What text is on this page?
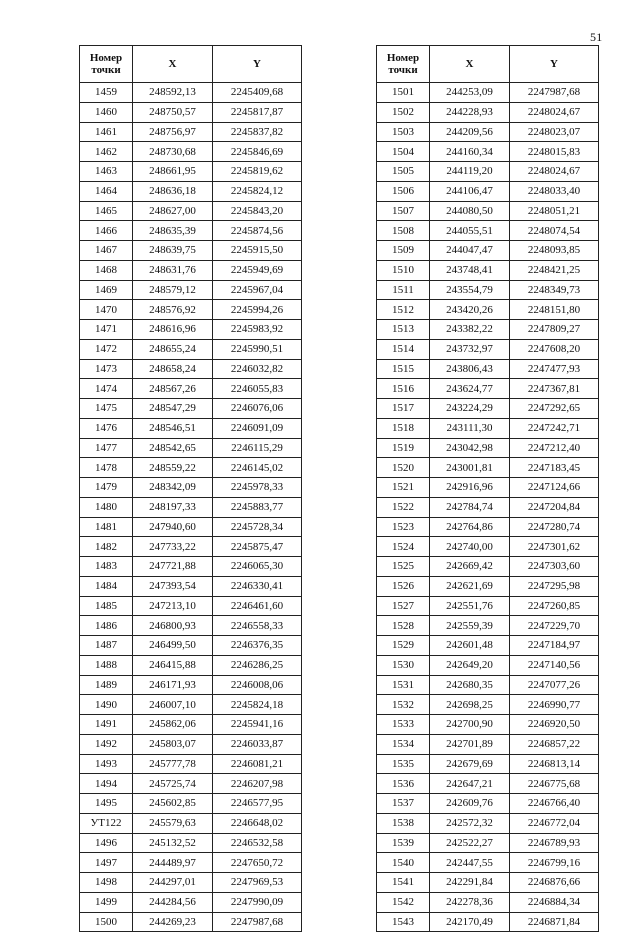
51
Номер
точки	X	Y
1459	248592,13	2245409,68
1460	248750,57	2245817,87
1461	248756,97	2245837,82
1462	248730,68	2245846,69
1463	248661,95	2245819,62
1464	248636,18	2245824,12
1465	248627,00	2245843,20
1466	248635,39	2245874,56
1467	248639,75	2245915,50
1468	248631,76	2245949,69
1469	248579,12	2245967,04
1470	248576,92	2245994,26
1471	248616,96	2245983,92
1472	248655,24	2245990,51
1473	248658,24	2246032,82
1474	248567,26	2246055,83
1475	248547,29	2246076,06
1476	248546,51	2246091,09
1477	248542,65	2246115,29
1478	248559,22	2246145,02
1479	248342,09	2245978,33
1480	248197,33	2245883,77
1481	247940,60	2245728,34
1482	247733,22	2245875,47
1483	247721,88	2246065,30
1484	247393,54	2246330,41
1485	247213,10	2246461,60
1486	246800,93	2246558,33
1487	246499,50	2246376,35
1488	246415,88	2246286,25
1489	246171,93	2246008,06
1490	246007,10	2245824,18
1491	245862,06	2245941,16
1492	245803,07	2246033,87
1493	245777,78	2246081,21
1494	245725,74	2246207,98
1495	245602,85	2246577,95
УТ122	245579,63	2246648,02
1496	245132,52	2246532,58
1497	244489,97	2247650,72
1498	244297,01	2247969,53
1499	244284,56	2247990,09
1500	244269,23	2247987,68
Номер
точки	X	Y
1501	244253,09	2247987,68
1502	244228,93	2248024,67
1503	244209,56	2248023,07
1504	244160,34	2248015,83
1505	244119,20	2248024,67
1506	244106,47	2248033,40
1507	244080,50	2248051,21
1508	244055,51	2248074,54
1509	244047,47	2248093,85
1510	243748,41	2248421,25
1511	243554,79	2248349,73
1512	243420,26	2248151,80
1513	243382,22	2247809,27
1514	243732,97	2247608,20
1515	243806,43	2247477,93
1516	243624,77	2247367,81
1517	243224,29	2247292,65
1518	243111,30	2247242,71
1519	243042,98	2247212,40
1520	243001,81	2247183,45
1521	242916,96	2247124,66
1522	242784,74	2247204,84
1523	242764,86	2247280,74
1524	242740,00	2247301,62
1525	242669,42	2247303,60
1526	242621,69	2247295,98
1527	242551,76	2247260,85
1528	242559,39	2247229,70
1529	242601,48	2247184,97
1530	242649,20	2247140,56
1531	242680,35	2247077,26
1532	242698,25	2246990,77
1533	242700,90	2246920,50
1534	242701,89	2246857,22
1535	242679,69	2246813,14
1536	242647,21	2246775,68
1537	242609,76	2246766,40
1538	242572,32	2246772,04
1539	242522,27	2246789,93
1540	242447,55	2246799,16
1541	242291,84	2246876,66
1542	242278,36	2246884,34
1543	242170,49	2246871,84
